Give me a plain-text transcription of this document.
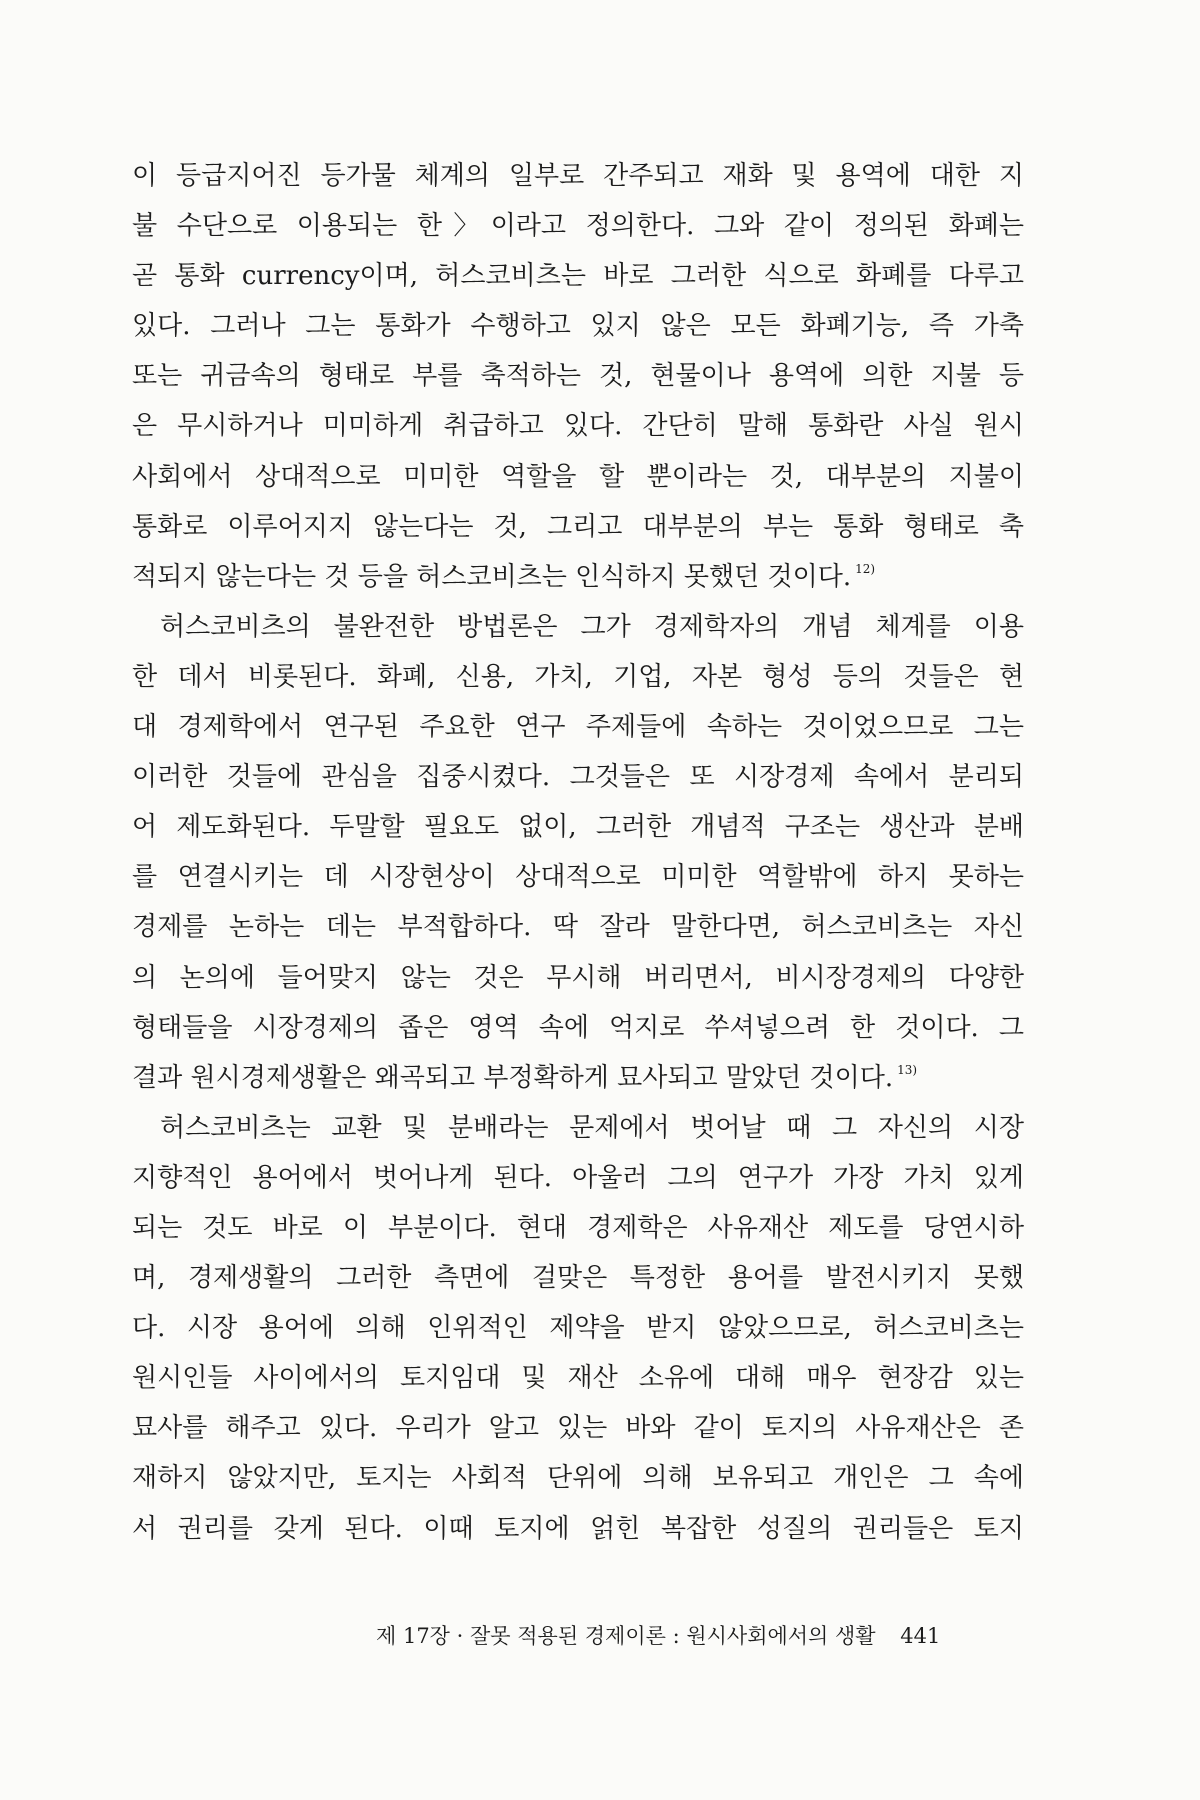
이 등급지어진 등가물 체계의 일부로 간주되고 재화 및 용역에 대한 지
불 수단으로 이용되는 한〉이라고 정의한다. 그와 같이 정의된 화폐는
곧 통화 currency이며, 허스코비츠는 바로 그러한 식으로 화폐를 다루고
있다. 그러나 그는 통화가 수행하고 있지 않은 모든 화폐기능, 즉 가축
또는 귀금속의 형태로 부를 축적하는 것, 현물이나 용역에 의한 지불 등
은 무시하거나 미미하게 취급하고 있다. 간단히 말해 통화란 사실 원시
사회에서 상대적으로 미미한 역할을 할 뿐이라는 것, 대부분의 지불이
통화로 이루어지지 않는다는 것, 그리고 대부분의 부는 통화 형태로 축
적되지 않는다는 것 등을 허스코비츠는 인식하지 못했던 것이다. $^{12)}$
허스코비츠의 불완전한 방법론은 그가 경제학자의 개념 체계를 이용
한 데서 비롯된다. 화폐, 신용, 가치, 기업, 자본 형성 등의 것들은 현
대 경제학에서 연구된 주요한 연구 주제들에 속하는 것이었으므로 그는
이러한 것들에 관심을 집중시켰다. 그것들은 또 시장경제 속에서 분리되
어 제도화된다. 두말할 필요도 없이, 그러한 개념적 구조는 생산과 분배
를 연결시키는 데 시장현상이 상대적으로 미미한 역할밖에 하지 못하는
경제를 논하는 데는 부적합하다. 딱 잘라 말한다면, 허스코비츠는 자신
의 논의에 들어맞지 않는 것은 무시해 버리면서, 비시장경제의 다양한
형태들을 시장경제의 좁은 영역 속에 억지로 쑤셔넣으려 한 것이다. 그
결과 원시경제생활은 왜곡되고 부정확하게 묘사되고 말았던 것이다. $^{13)}$
허스코비츠는 교환 및 분배라는 문제에서 벗어날 때 그 자신의 시장
지향적인 용어에서 벗어나게 된다. 아울러 그의 연구가 가장 가치 있게
되는 것도 바로 이 부분이다. 현대 경제학은 사유재산 제도를 당연시하
며, 경제생활의 그러한 측면에 걸맞은 특정한 용어를 발전시키지 못했
다. 시장 용어에 의해 인위적인 제약을 받지 않았으므로, 허스코비츠는
원시인들 사이에서의 토지임대 및 재산 소유에 대해 매우 현장감 있는
묘사를 해주고 있다. 우리가 알고 있는 바와 같이 토지의 사유재산은 존
재하지 않았지만, 토지는 사회적 단위에 의해 보유되고 개인은 그 속에
서 권리를 갖게 된다. 이때 토지에 얽힌 복잡한 성질의 권리들은 토지
제 17장 · 잘못 적용된 경제이론 : 원시사회에서의 생활 441
